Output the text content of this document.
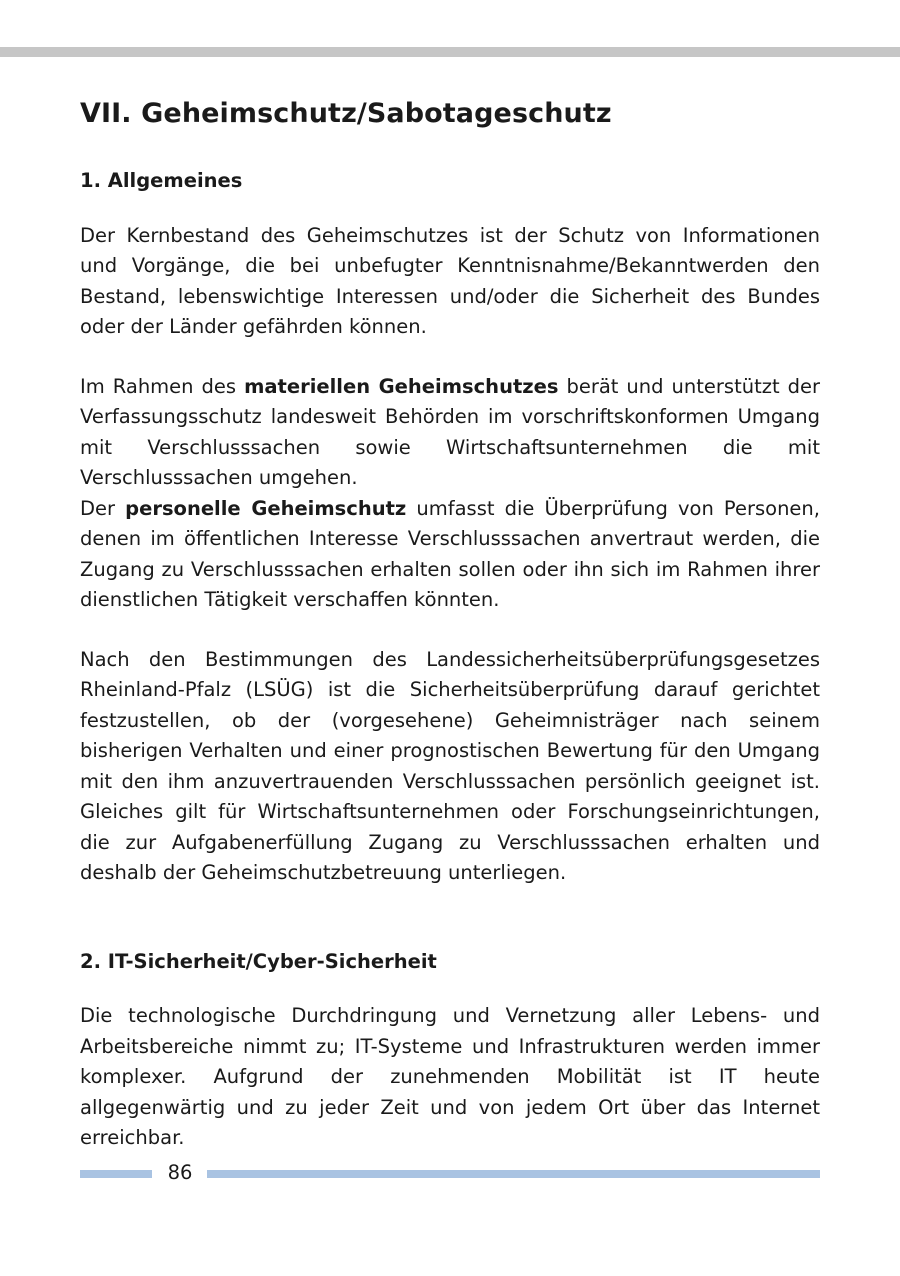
VII. Geheimschutz/Sabotageschutz
1. Allgemeines

Der Kernbestand des Geheimschutzes ist der Schutz von Informationen und Vorgänge, die bei unbefugter Kenntnisnahme/Bekanntwerden den Bestand, lebenswichtige Interessen und/oder die Sicherheit des Bundes oder der Länder gefährden können.

Im Rahmen des materiellen Geheimschutzes berät und unterstützt der Verfassungsschutz landesweit Behörden im vorschriftskonformen Umgang mit Verschlusssachen sowie Wirtschaftsunternehmen die mit Verschlusssachen umgehen.

Der personelle Geheimschutz umfasst die Überprüfung von Personen, denen im öffentlichen Interesse Verschlusssachen anvertraut werden, die Zugang zu Verschlusssachen erhalten sollen oder ihn sich im Rahmen ihrer dienstlichen Tätigkeit verschaffen könnten.

Nach den Bestimmungen des Landessicherheitsüberprüfungsgesetzes Rheinland-Pfalz (LSÜG) ist die Sicherheitsüberprüfung darauf gerichtet festzustellen, ob der (vorgesehene) Geheimnisträger nach seinem bisherigen Verhalten und einer prognostischen Bewertung für den Umgang mit den ihm anzuvertrauenden Verschlusssachen persönlich geeignet ist. Gleiches gilt für Wirtschaftsunternehmen oder Forschungseinrichtungen, die zur Aufgabenerfüllung Zugang zu Verschlusssachen erhalten und deshalb der Geheimschutzbetreuung unterliegen.

2. IT-Sicherheit/Cyber-Sicherheit

Die technologische Durchdringung und Vernetzung aller Lebens- und Arbeitsbereiche nimmt zu; IT-Systeme und Infrastrukturen werden immer komplexer. Aufgrund der zunehmenden Mobilität ist IT heute allgegenwärtig und zu jeder Zeit und von jedem Ort über das Internet erreichbar.

86
